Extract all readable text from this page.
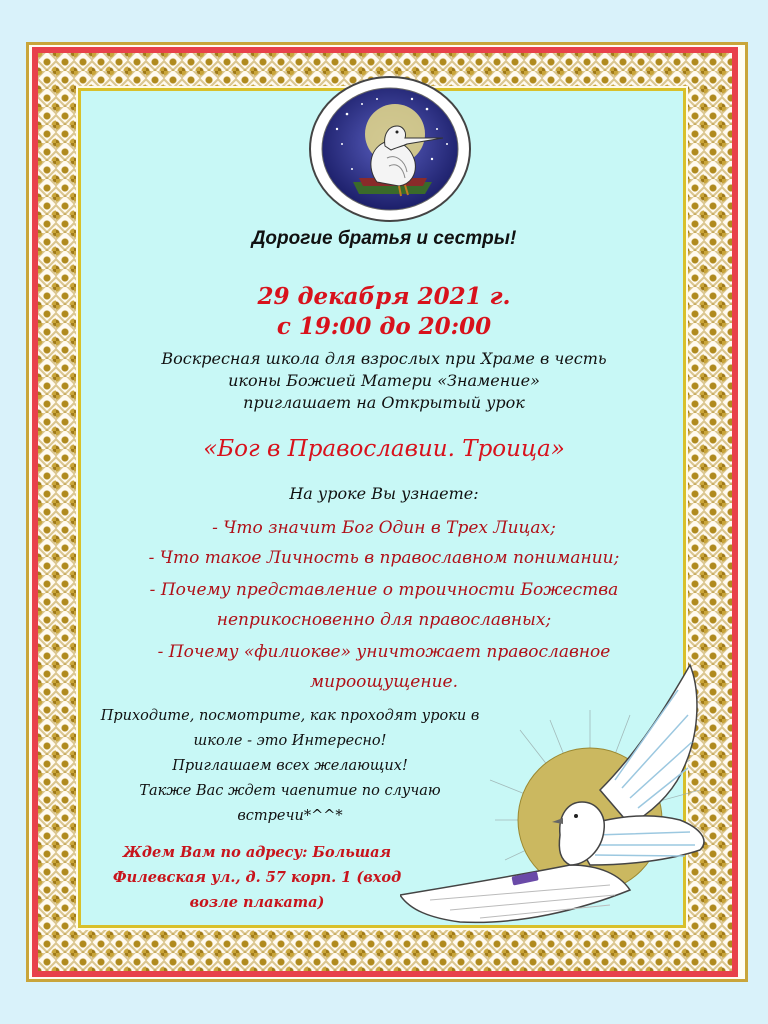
Дорогие братья и сестры!
29 декабря 2021 г.
с 19:00 до 20:00
Воскресная школа для взрослых при Храме в честь
иконы Божией Матери «Знамение»
приглашает на Открытый урок
«Бог в Православии. Троица»
На уроке Вы узнаете:
- Что значит Бог Один в Трех Лицах;
- Что такое Личность в православном понимании;
- Почему представление о троичности Божества
неприкосновенно для православных;
- Почему «филиокве» уничтожает православное
мироощущение.
Приходите, посмотрите, как проходят уроки в
школе - это Интересно!
Приглашаем всех желающих!
Также Вас ждет чаепитие по случаю
встречи*^^*
Ждем Вам по адресу: Большая
Филевская ул., д. 57 корп. 1 (вход
возле плаката)
